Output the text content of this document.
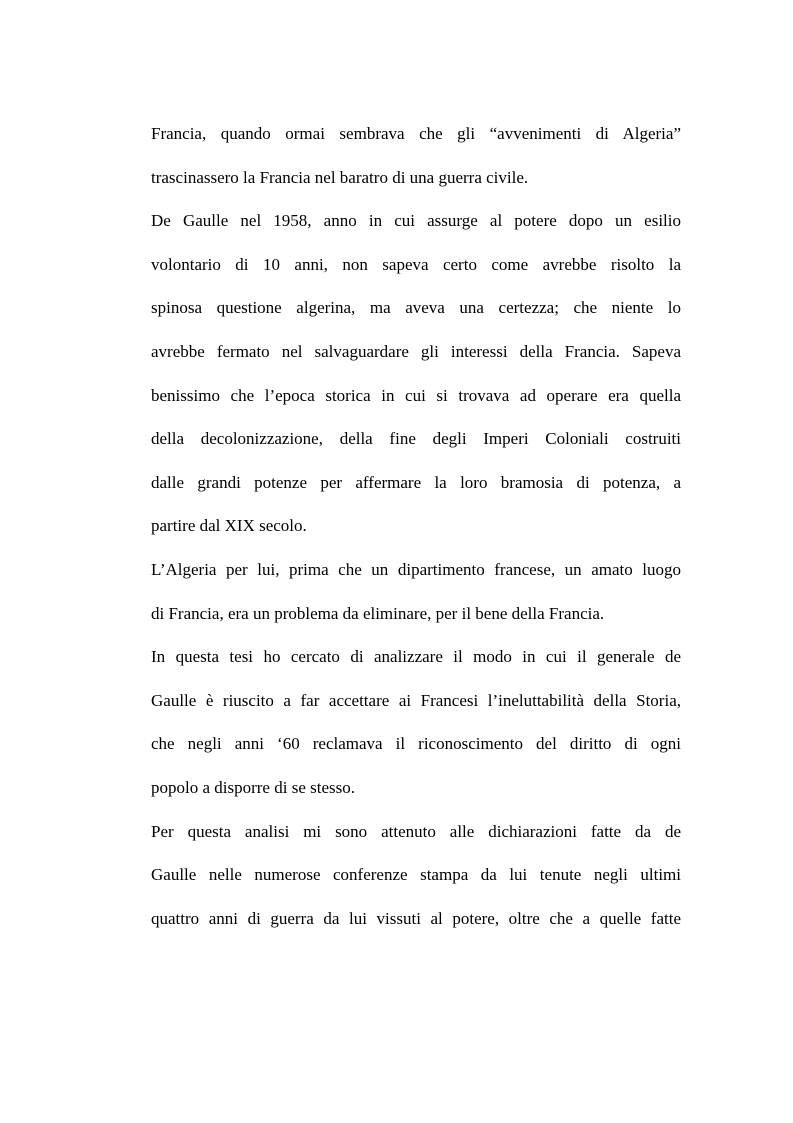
Francia, quando ormai sembrava che gli “avvenimenti di Algeria”
trascinassero la Francia nel baratro di una guerra civile.
De Gaulle nel 1958, anno in cui assurge al potere dopo un esilio
volontario di 10 anni, non sapeva certo come avrebbe risolto la
spinosa questione algerina, ma aveva una certezza; che niente lo
avrebbe fermato nel salvaguardare gli interessi della Francia. Sapeva
benissimo che l’epoca storica in cui si trovava ad operare era quella
della decolonizzazione, della fine degli Imperi Coloniali costruiti
dalle grandi potenze per affermare la loro bramosia di potenza, a
partire dal XIX secolo.
L’Algeria per lui, prima che un dipartimento francese, un amato luogo
di Francia, era un problema da eliminare, per il bene della Francia.
In questa tesi ho cercato di analizzare il modo in cui il generale de
Gaulle è riuscito a far accettare ai Francesi l’ineluttabilità della Storia,
che negli anni ‘60 reclamava il riconoscimento del diritto di ogni
popolo a disporre di se stesso.
Per questa analisi mi sono attenuto alle dichiarazioni fatte da de
Gaulle nelle numerose conferenze stampa da lui tenute negli ultimi
quattro anni di guerra da lui vissuti al potere, oltre che a quelle fatte
